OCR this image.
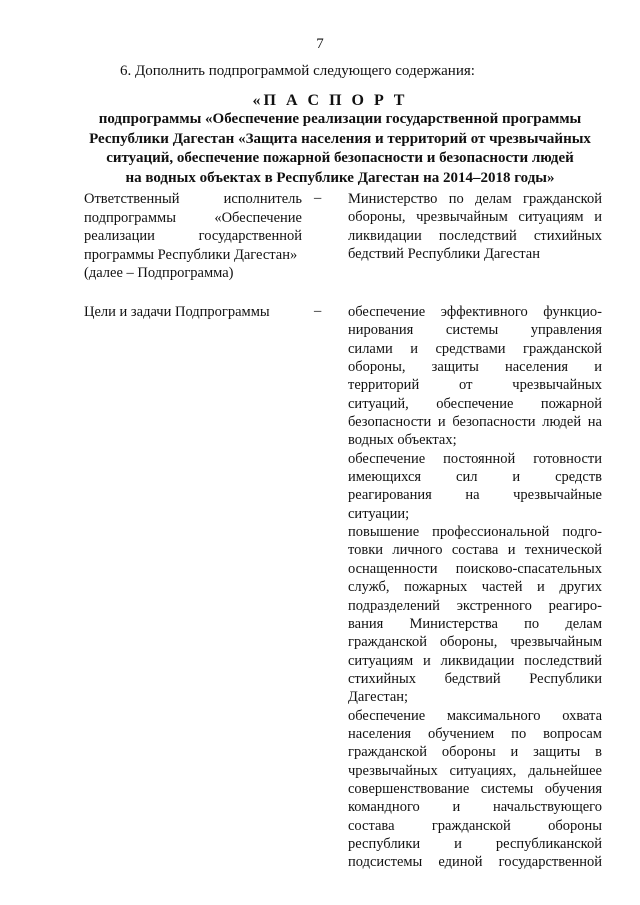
7
6. Дополнить подпрограммой следующего содержания:
«П А С П О Р Т
подпрограммы «Обеспечение реализации государственной программы
Республики Дагестан «Защита населения и территорий от чрезвычайных
ситуаций, обеспечение пожарной безопасности и безопасности людей
на водных объектах в Республике Дагестан на 2014–2018 годы»
Ответственный исполнитель
подпрограммы «Обеспечение
реализации государственной
программы Республики Дагестан»
(далее – Подпрограмма)
– Министерство по делам гражданской
обороны, чрезвычайным ситуациям и
ликвидации последствий стихийных
бедствий Республики Дагестан
Цели и задачи Подпрограммы	– обеспечение эффективного функцио-
нирования системы управления
силами и средствами гражданской
обороны, защиты населения и
территорий от чрезвычайных
ситуаций, обеспечение пожарной
безопасности и безопасности людей на
водных объектах;
обеспечение постоянной готовности
имеющихся сил и средств
реагирования на чрезвычайные
ситуации;
повышение профессиональной подго-
товки личного состава и технической
оснащенности поисково-спасательных
служб, пожарных частей и других
подразделений экстренного реагиро-
вания Министерства по делам
гражданской обороны, чрезвычайным
ситуациям и ликвидации последствий
стихийных бедствий Республики
Дагестан;
обеспечение максимального охвата
населения обучением по вопросам
гражданской обороны и защиты в
чрезвычайных ситуациях, дальнейшее
совершенствование системы обучения
командного и начальствующего
состава гражданской обороны
республики и республиканской
подсистемы единой государственной
